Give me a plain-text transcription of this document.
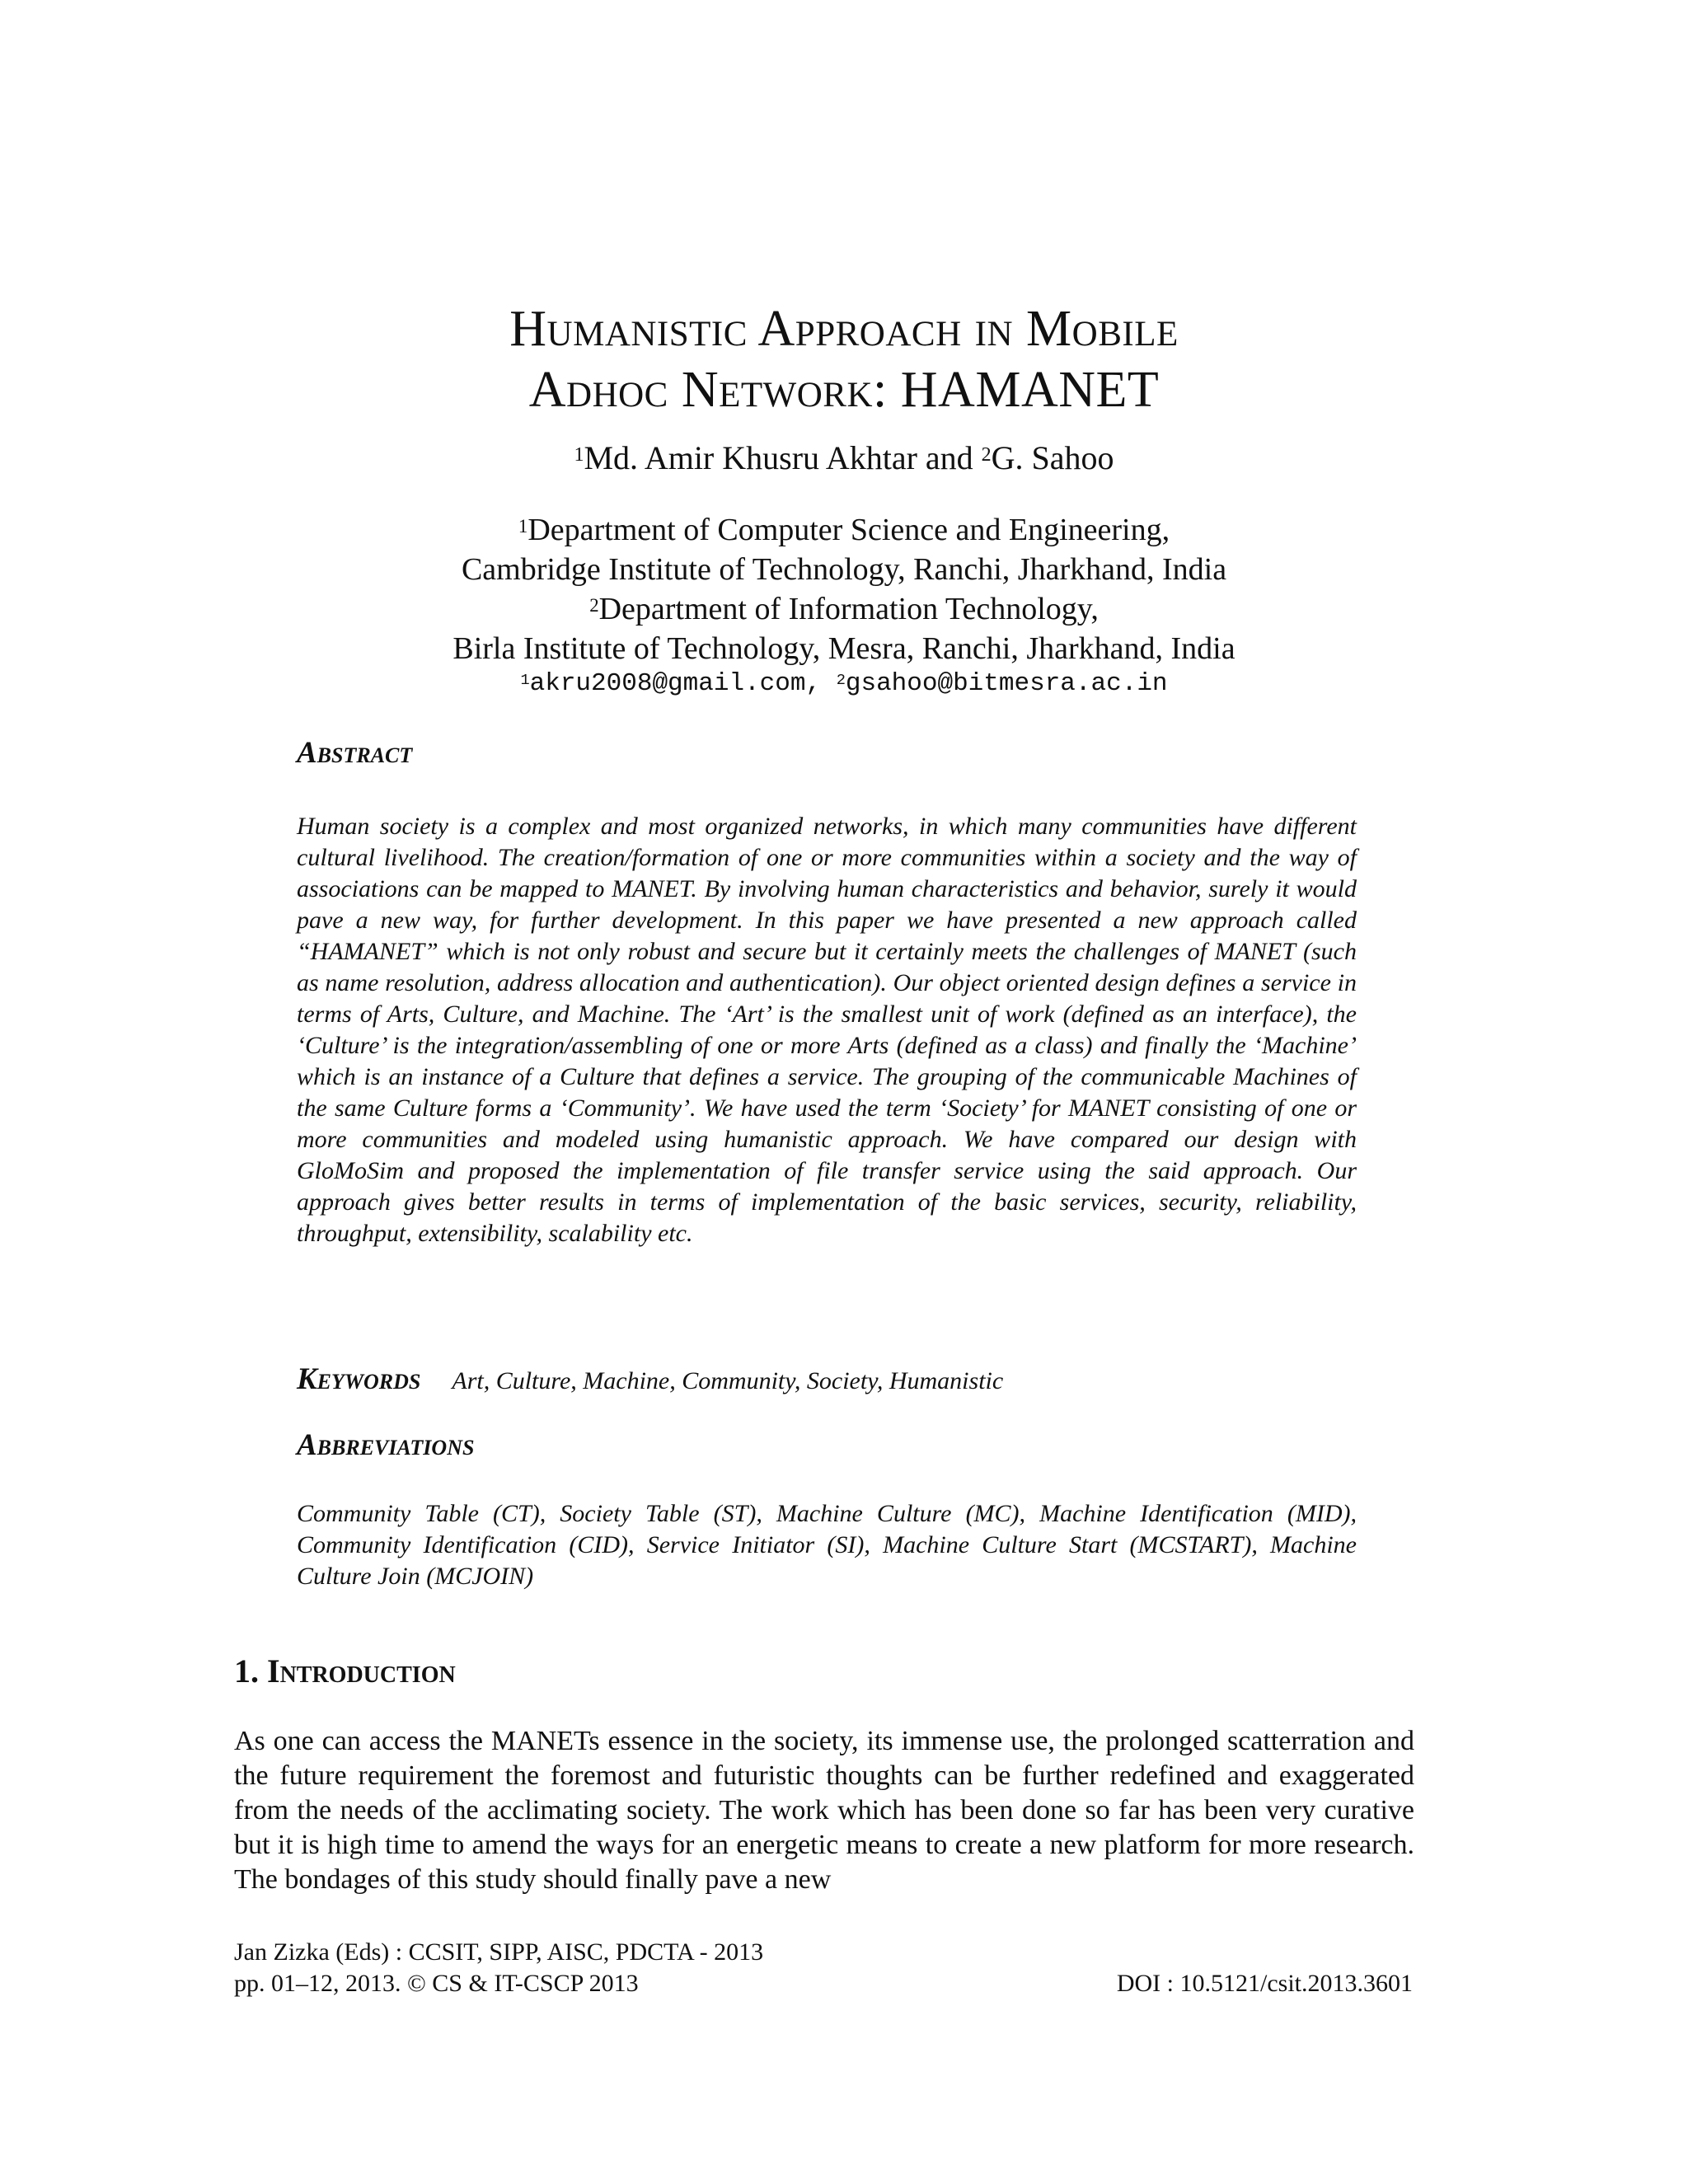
Humanistic Approach in Mobile
Adhoc Network: HAMANET
$^1$Md. Amir Khusru Akhtar and $^2$G. Sahoo
$^1$Department of Computer Science and Engineering,
Cambridge Institute of Technology, Ranchi, Jharkhand, India
$^2$Department of Information Technology,
Birla Institute of Technology, Mesra, Ranchi, Jharkhand, India
$^1$akru2008@gmail.com, $^2$gsahoo@bitmesra.ac.in
Abstract
Human society is a complex and most organized networks, in which many communities have different cultural livelihood. The creation/formation of one or more communities within a society and the way of associations can be mapped to MANET. By involving human characteristics and behavior, surely it would pave a new way, for further development. In this paper we have presented a new approach called “HAMANET” which is not only robust and secure but it certainly meets the challenges of MANET (such as name resolution, address allocation and authentication). Our object oriented design defines a service in terms of Arts, Culture, and Machine. The ‘Art’ is the smallest unit of work (defined as an interface), the ‘Culture’ is the integration/assembling of one or more Arts (defined as a class) and finally the ‘Machine’ which is an instance of a Culture that defines a service. The grouping of the communicable Machines of the same Culture forms a ‘Community’. We have used the term ‘Society’ for MANET consisting of one or more communities and modeled using humanistic approach. We have compared our design with GloMoSim and proposed the implementation of file transfer service using the said approach. Our approach gives better results in terms of implementation of the basic services, security, reliability, throughput, extensibility, scalability etc.
Keywords Art, Culture, Machine, Community, Society, Humanistic
Abbreviations
Community Table (CT), Society Table (ST), Machine Culture (MC), Machine Identification (MID), Community Identification (CID), Service Initiator (SI), Machine Culture Start (MCSTART), Machine Culture Join (MCJOIN)
1. Introduction
As one can access the MANETs essence in the society, its immense use, the prolonged scatterration and the future requirement the foremost and futuristic thoughts can be further redefined and exaggerated from the needs of the acclimating society. The work which has been done so far has been very curative but it is high time to amend the ways for an energetic means to create a new platform for more research. The bondages of this study should finally pave a new
Jan Zizka (Eds) : CCSIT, SIPP, AISC, PDCTA - 2013
pp. 01–12, 2013. © CS & IT-CSCP 2013	DOI : 10.5121/csit.2013.3601
